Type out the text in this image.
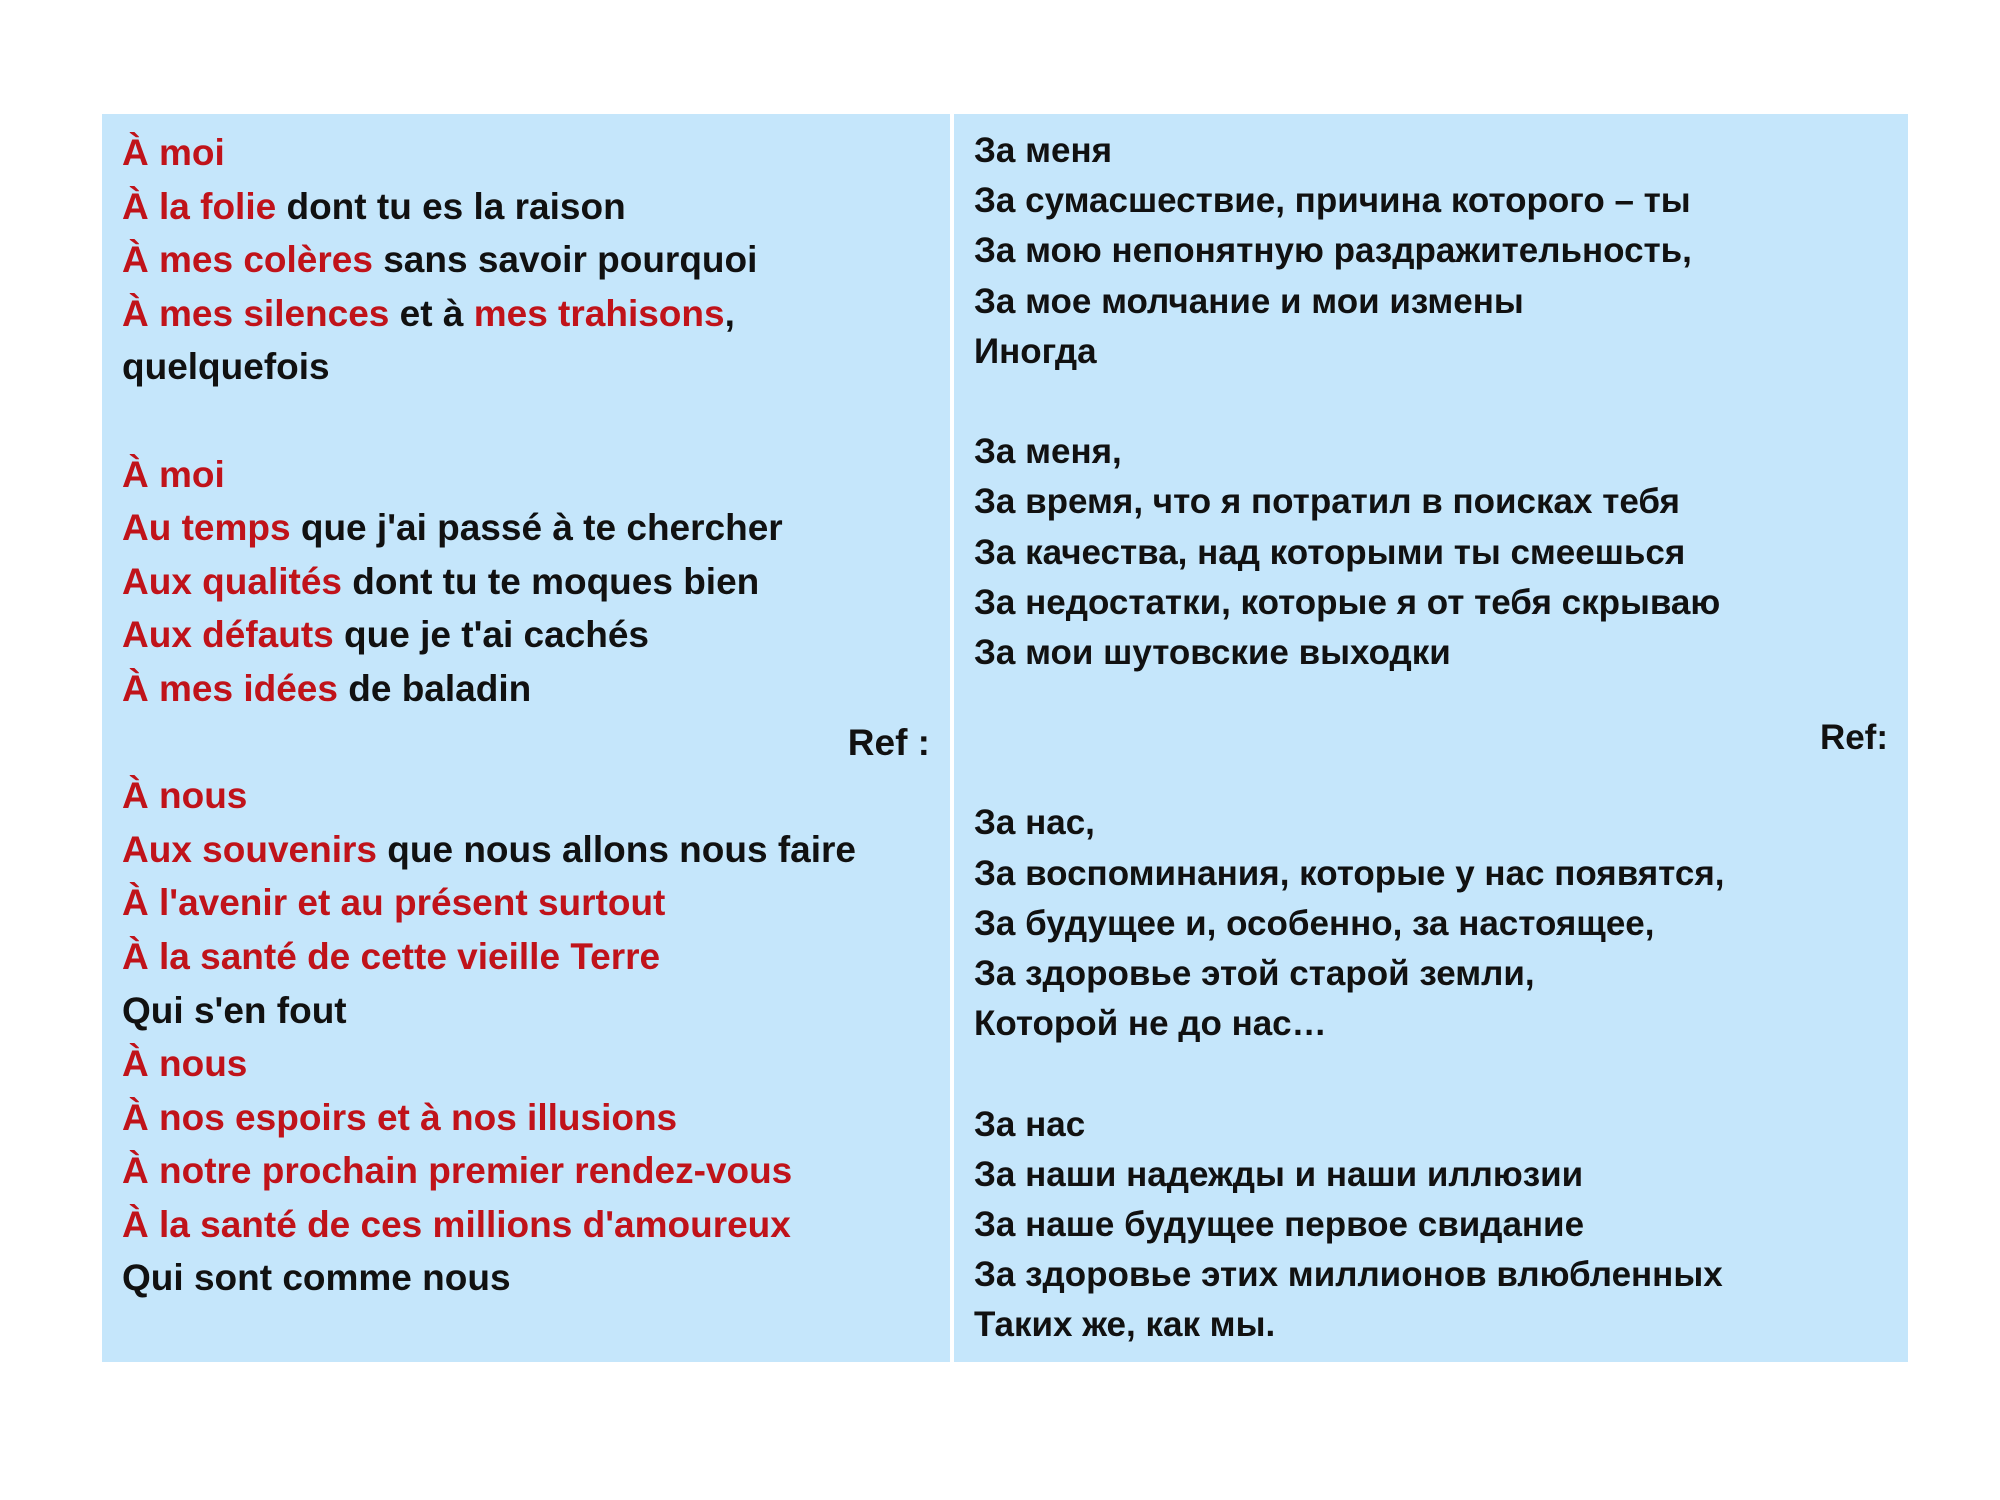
À moi
À la folie dont tu es la raison
À mes colères sans savoir pourquoi
À mes silences et à mes trahisons,
quelquefois
À moi
Au temps que j'ai passé à te chercher
Aux qualités dont tu te moques bien
Aux défauts que je t'ai cachés
À mes idées de baladin
Ref :
À nous
Aux souvenirs que nous allons nous faire
À l'avenir et au présent surtout
À la santé de cette vieille Terre
Qui s'en fout
À nous
À nos espoirs et à nos illusions
À notre prochain premier rendez-vous
À la santé de ces millions d'amoureux
Qui sont comme nous
За меня
За сумасшествие, причина которого – ты
За мою непонятную раздражительность,
За мое молчание и мои измены
Иногда
За меня,
За время, что я потратил в поисках тебя
За качества, над которыми ты смеешься
За недостатки, которые я от тебя скрываю
За мои шутовские выходки
Ref:
За нас,
За воспоминания, которые у нас появятся,
За будущее и, особенно, за настоящее,
За здоровье этой старой земли,
Которой не до нас…
За нас
За наши надежды и наши иллюзии
За наше будущее первое свидание
За здоровье этих миллионов влюбленных
Таких же, как мы.
